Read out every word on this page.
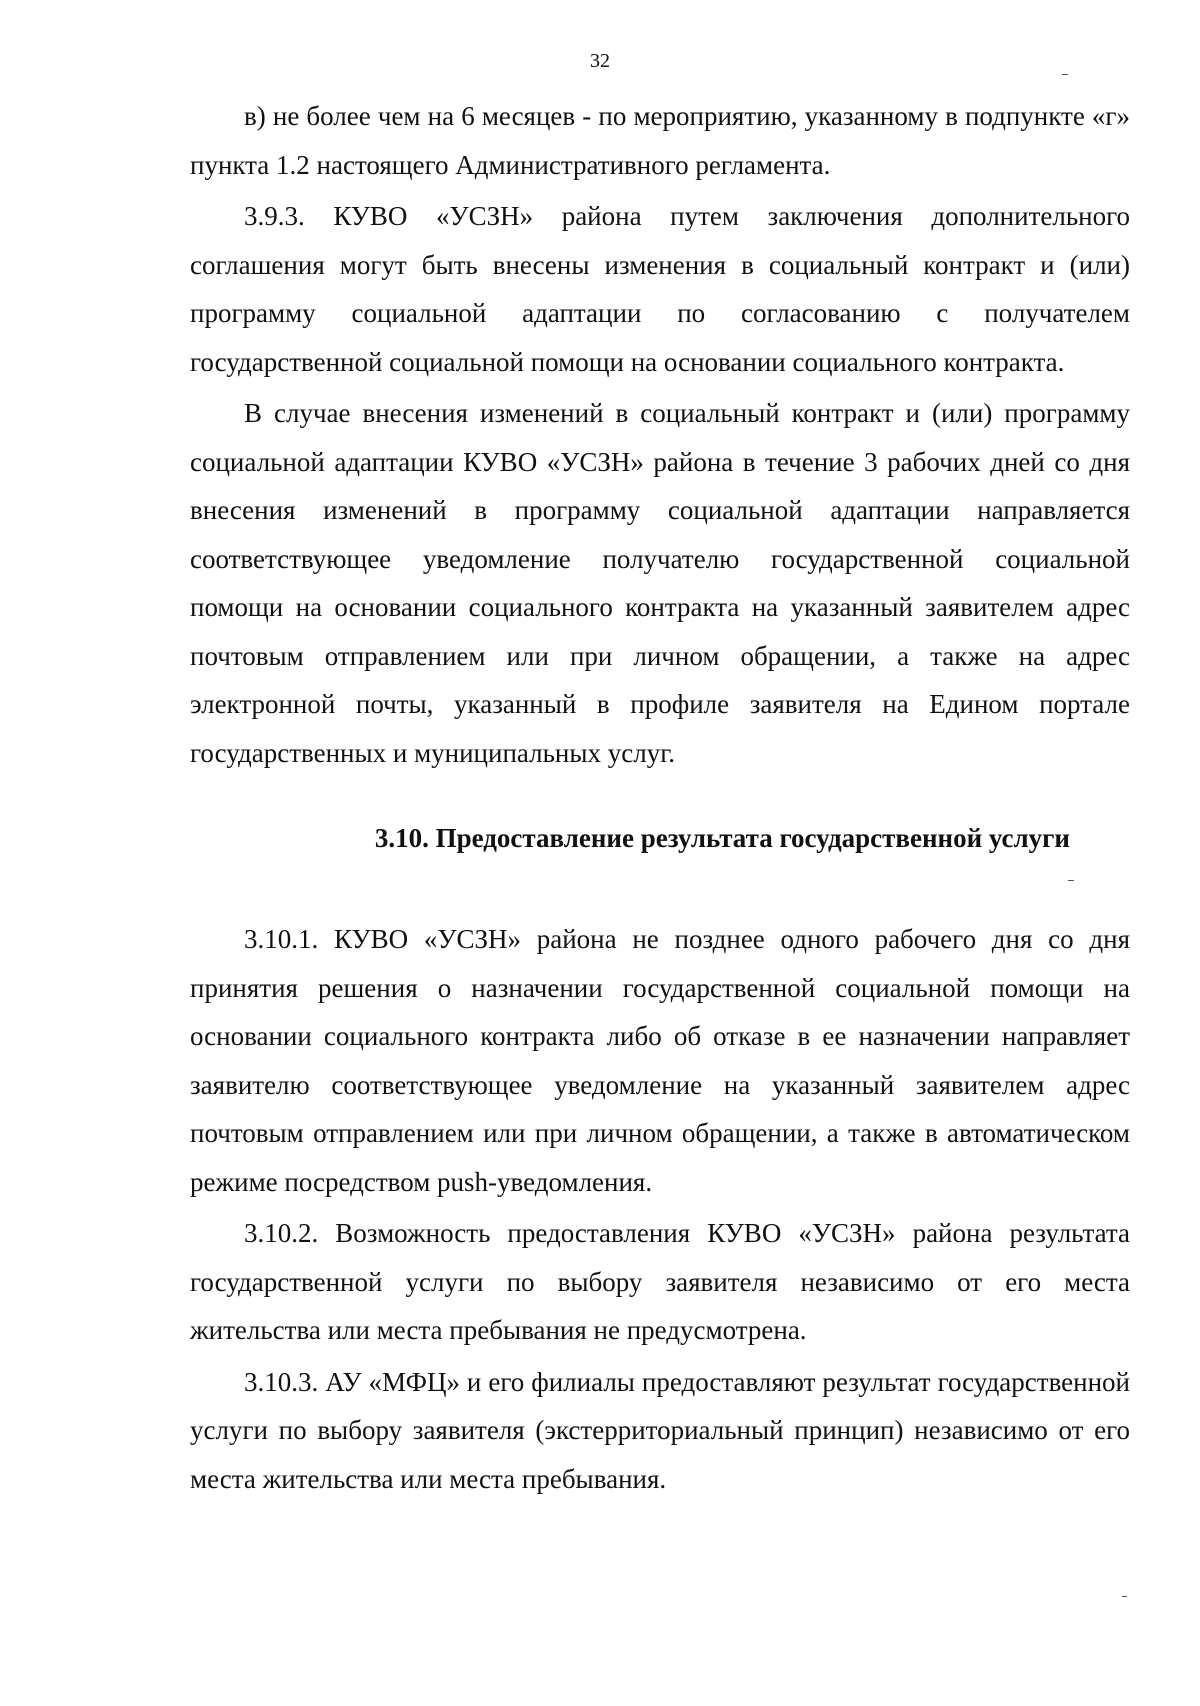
32

в) не более чем на 6 месяцев - по мероприятию, указанному в подпункте «г» пункта 1.2 настоящего Административного регламента.

3.9.3. КУВО «УСЗН» района путем заключения дополнительного соглашения могут быть внесены изменения в социальный контракт и (или) программу социальной адаптации по согласованию с получателем государственной социальной помощи на основании социального контракта.

В случае внесения изменений в социальный контракт и (или) программу социальной адаптации КУВО «УСЗН» района в течение 3 рабочих дней со дня внесения изменений в программу социальной адаптации направляется соответствующее уведомление получателю государственной социальной помощи на основании социального контракта на указанный заявителем адрес почтовым отправлением или при личном обращении, а также на адрес электронной почты, указанный в профиле заявителя на Едином портале государственных и муниципальных услуг.

3.10. Предоставление результата государственной услуги

3.10.1. КУВО «УСЗН» района не позднее одного рабочего дня со дня принятия решения о назначении государственной социальной помощи на основании социального контракта либо об отказе в ее назначении направляет заявителю соответствующее уведомление на указанный заявителем адрес почтовым отправлением или при личном обращении, а также в автоматическом режиме посредством push-уведомления.

3.10.2. Возможность предоставления КУВО «УСЗН» района результата государственной услуги по выбору заявителя независимо от его места жительства или места пребывания не предусмотрена.

3.10.3. АУ «МФЦ» и его филиалы предоставляют результат государственной услуги по выбору заявителя (экстерриториальный принцип) независимо от его места жительства или места пребывания.
